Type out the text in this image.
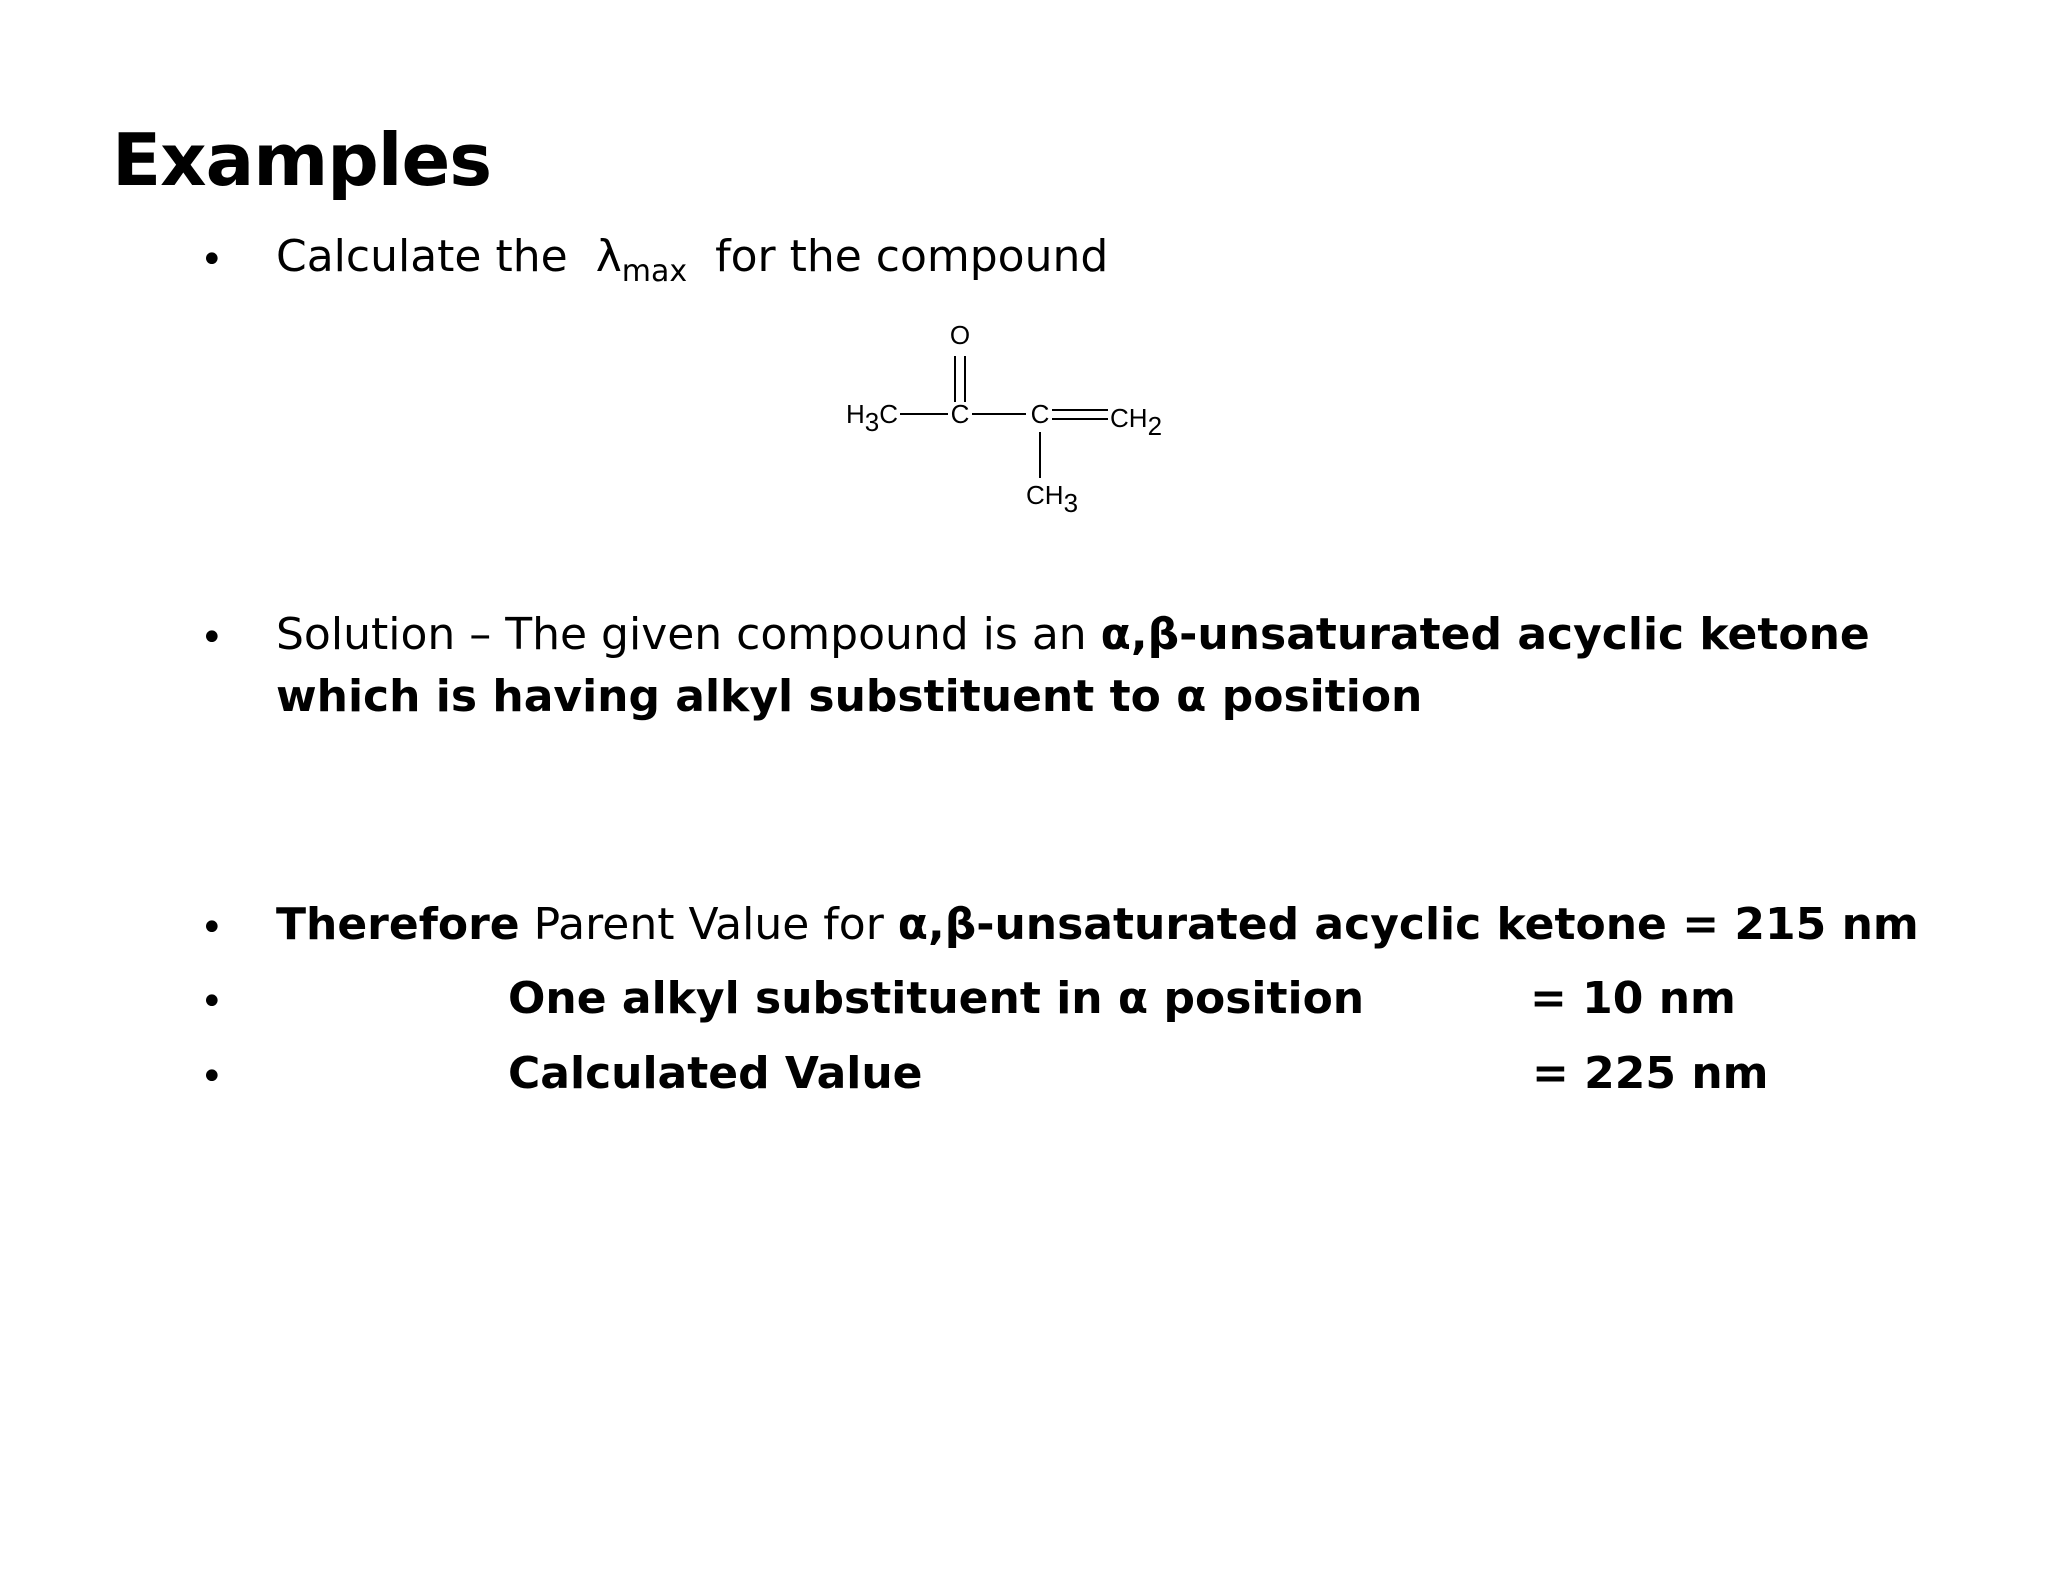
Examples
• Calculate the $\lambda_{max}$ for the compound
O
H3C C C CH2
CH3
• Solution – The given compound is an α,β-unsaturated acyclic ketone
which is having alkyl substituent to α position
• Therefore Parent Value for α,β-unsaturated acyclic ketone = 215 nm
•	One alkyl substituent in α position	= 10 nm
•	Calculated Value	= 225 nm
